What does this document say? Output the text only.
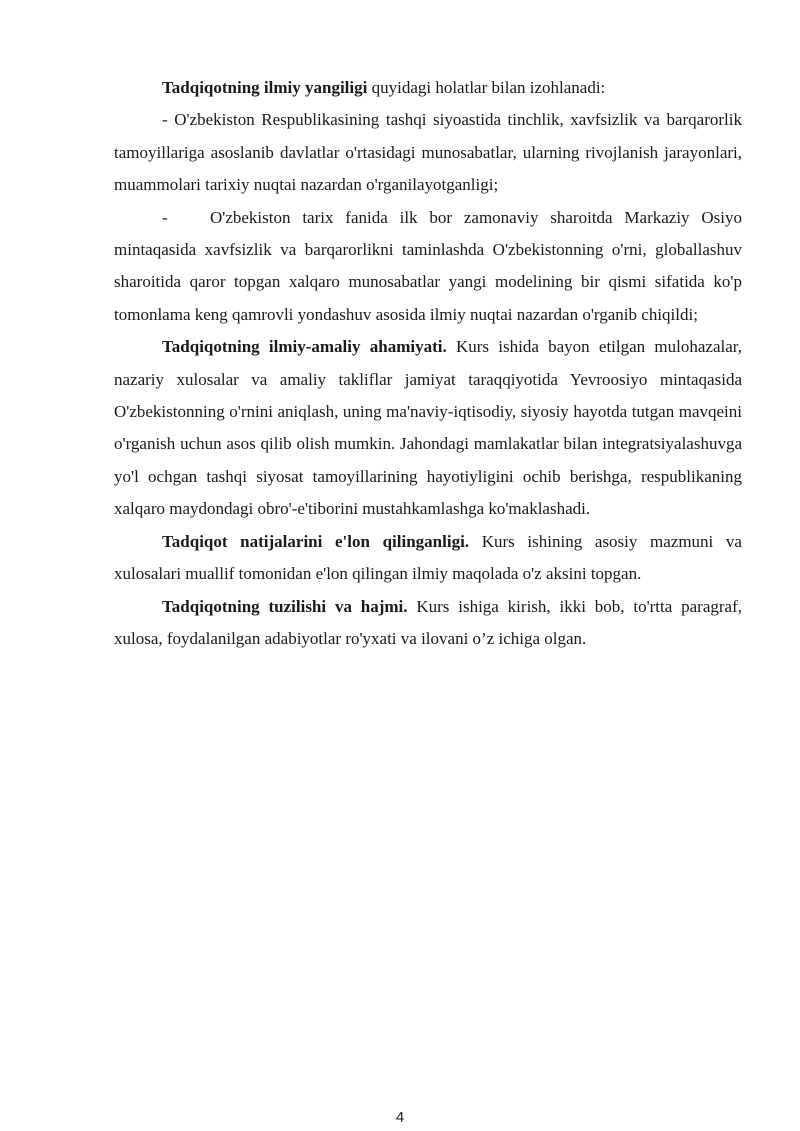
Tadqiqotning ilmiy yangiligi quyidagi holatlar bilan izohlanadi:

- O'zbekiston Respublikasining tashqi siyoastida tinchlik, xavfsizlik va barqarorlik tamoyillariga asoslanib davlatlar o'rtasidagi munosabatlar, ularning rivojlanish jarayonlari, muammolari tarixiy nuqtai nazardan o'rganilayotganligi;

- O'zbekiston tarix fanida ilk bor zamonaviy sharoitda Markaziy Osiyo mintaqasida xavfsizlik va barqarorlikni taminlashda O'zbekistonning o'rni, globallashuv sharoitida qaror topgan xalqaro munosabatlar yangi modelining bir qismi sifatida ko'p tomonlama keng qamrovli yondashuv asosida ilmiy nuqtai nazardan o'rganib chiqildi;

Tadqiqotning ilmiy-amaliy ahamiyati. Kurs ishida bayon etilgan mulohazalar, nazariy xulosalar va amaliy takliflar jamiyat taraqqiyotida Yevroosiyo mintaqasida O'zbekistonning o'rnini aniqlash, uning ma'naviy-iqtisodiy, siyosiy hayotda tutgan mavqeini o'rganish uchun asos qilib olish mumkin. Jahondagi mamlakatlar bilan integratsiyalashuvga yo'l ochgan tashqi siyosat tamoyillarining hayotiyligini ochib berishga, respublikaning xalqaro maydondagi obro'-e'tiborini mustahkamlashga ko'maklashadi.

Tadqiqot natijalarini e'lon qilinganligi. Kurs ishining asosiy mazmuni va xulosalari muallif tomonidan e'lon qilingan ilmiy maqolada o'z aksini topgan.

Tadqiqotning tuzilishi va hajmi. Kurs ishiga kirish, ikki bob, to'rtta paragraf, xulosa, foydalanilgan adabiyotlar ro'yxati va ilovani o’z ichiga olgan.

4
